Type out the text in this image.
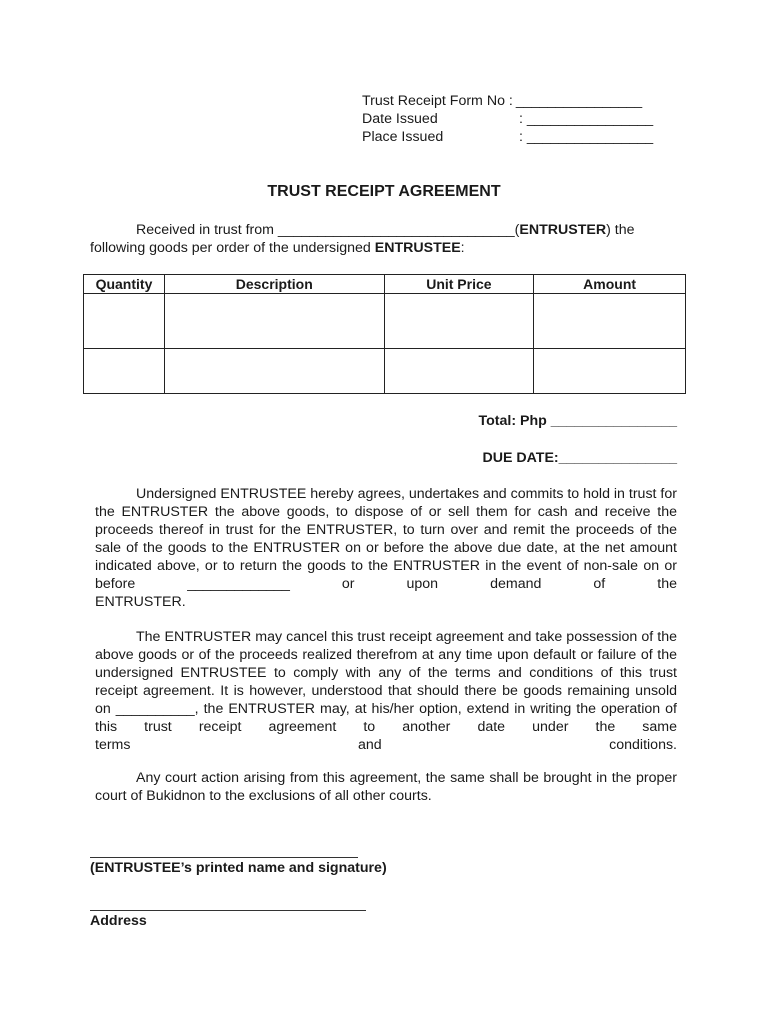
Trust Receipt Form No : ________________
Date Issued	: ________________
Place Issued	: ________________
TRUST RECEIPT AGREEMENT
Received in trust from ______________________________(ENTRUSTER) the
following goods per order of the undersigned ENTRUSTEE:
Quantity	Description	Unit Price	Amount

Total: Php ________________
DUE DATE:_______________

Undersigned ENTRUSTEE hereby agrees, undertakes and commits to hold in trust for the ENTRUSTER the above goods, to dispose of or sell them for cash and receive the proceeds thereof in trust for the ENTRUSTER, to turn over and remit the proceeds of the sale of the goods to the ENTRUSTER on or before the above due date, at the net amount indicated above, or to return the goods to the ENTRUSTER in the event of non-sale on or before _____________ or upon demand of the

ENTRUSTER.

The ENTRUSTER may cancel this trust receipt agreement and take possession of the above goods or of the proceeds realized therefrom at any time upon default or failure of the undersigned ENTRUSTEE to comply with any of the terms and conditions of this trust receipt agreement. It is however, understood that should there be goods remaining unsold on __________, the ENTRUSTER may, at his/her option, extend in writing the operation of this trust receipt agreement to another date under the same

terms and conditions.

Any court action arising from this agreement, the same shall be brought in the proper court of Bukidnon to the exclusions of all other courts.

(ENTRUSTEE’s printed name and signature)
Address
